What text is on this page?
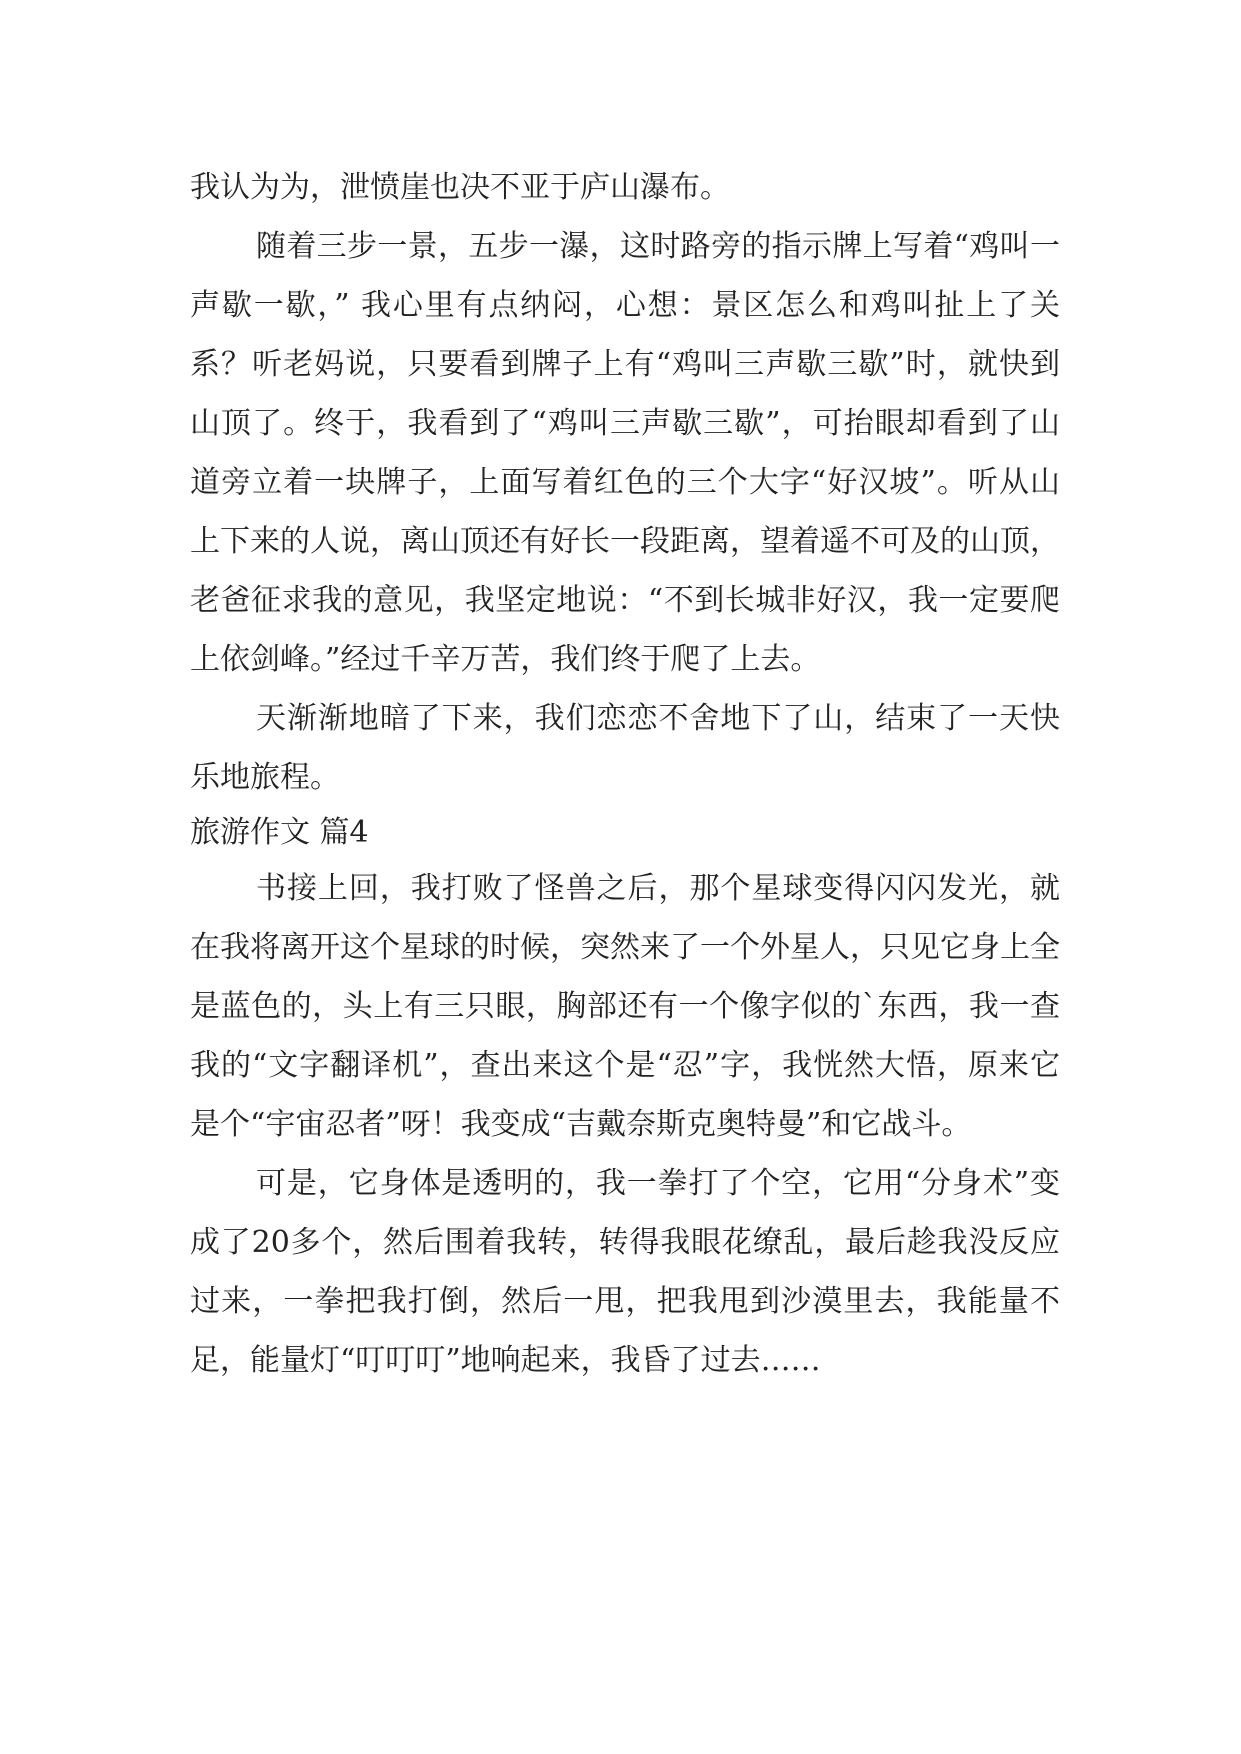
我认为为，泄愤崖也决不亚于庐山瀑布。

随着三步一景，五步一瀑，这时路旁的指示牌上写着“鸡叫一声歇一歇，” 我心里有点纳闷，心想：景区怎么和鸡叫扯上了关系？听老妈说，只要看到牌子上有“鸡叫三声歇三歇”时，就快到山顶了。终于，我看到了“鸡叫三声歇三歇”，可抬眼却看到了山道旁立着一块牌子，上面写着红色的三个大字“好汉坡”。听从山上下来的人说，离山顶还有好长一段距离，望着遥不可及的山顶，老爸征求我的意见，我坚定地说：“不到长城非好汉，我一定要爬上依剑峰。”经过千辛万苦，我们终于爬了上去。

天渐渐地暗了下来，我们恋恋不舍地下了山，结束了一天快乐地旅程。

旅游作文 篇4

书接上回，我打败了怪兽之后，那个星球变得闪闪发光，就在我将离开这个星球的时候，突然来了一个外星人，只见它身上全是蓝色的，头上有三只眼，胸部还有一个像字似的`东西，我一查我的“文字翻译机”，查出来这个是“忍”字，我恍然大悟，原来它是个“宇宙忍者”呀！我变成“吉戴奈斯克奥特曼”和它战斗。

可是，它身体是透明的，我一拳打了个空，它用“分身术”变成了20多个，然后围着我转，转得我眼花缭乱，最后趁我没反应过来，一拳把我打倒，然后一甩，把我甩到沙漠里去，我能量不足，能量灯“叮叮叮”地响起来，我昏了过去……
